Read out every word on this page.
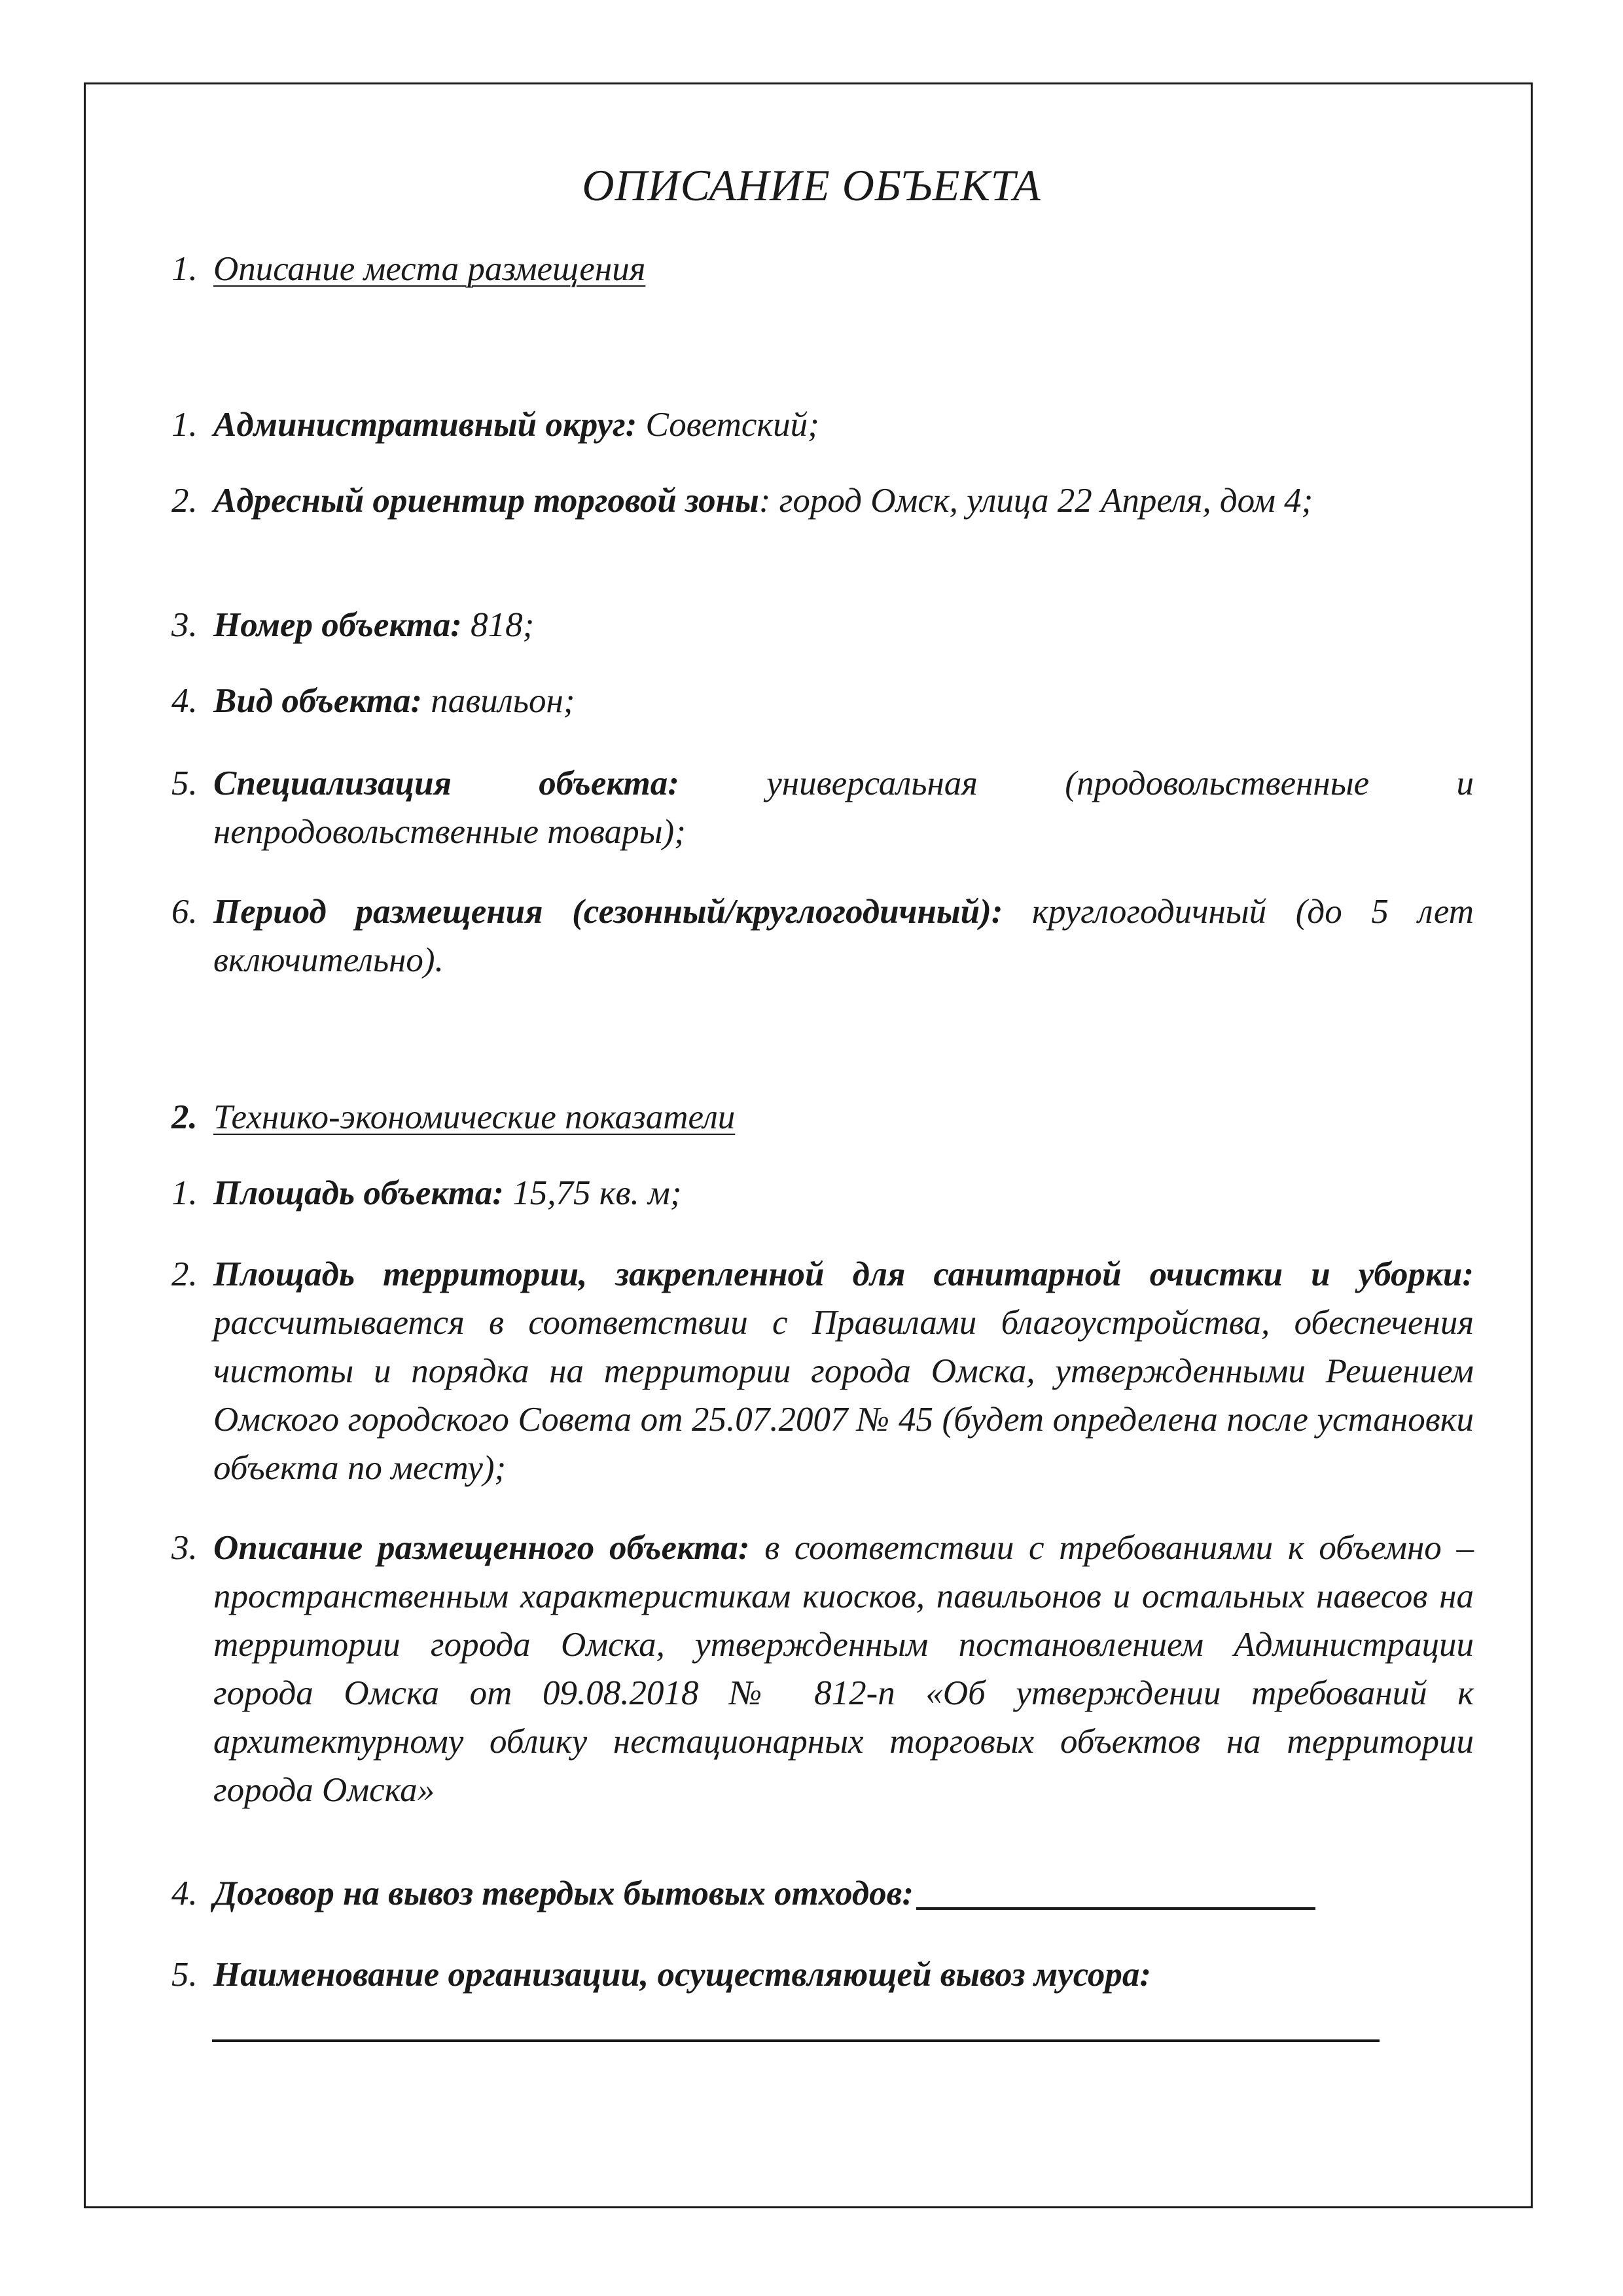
ОПИСАНИЕ ОБЪЕКТА
1. Описание места размещения
1. Административный округ: Советский;
2. Адресный ориентир торговой зоны: город Омск, улица 22 Апреля, дом 4;
3. Номер объекта: 818;
4. Вид объекта: павильон;
5. Специализация объекта: универсальная (продовольственные и непродовольственные товары);
6. Период размещения (сезонный/круглогодичный): круглогодичный (до 5 лет включительно).
2. Технико-экономические показатели
1. Площадь объекта: 15,75 кв. м;
2. Площадь территории, закрепленной для санитарной очистки и уборки: рассчитывается в соответствии с Правилами благоустройства, обеспечения чистоты и порядка на территории города Омска, утвержденными Решением Омского городского Совета от 25.07.2007 № 45 (будет определена после установки объекта по месту);
3. Описание размещенного объекта: в соответствии с требованиями к объемно – пространственным характеристикам киосков, павильонов и остальных навесов на территории города Омска, утвержденным постановлением Администрации города Омска от 09.08.2018 № 812-п «Об утверждении требований к архитектурному облику нестационарных торговых объектов на территории города Омска»
4. Договор на вывоз твердых бытовых отходов:
5. Наименование организации, осуществляющей вывоз мусора:
